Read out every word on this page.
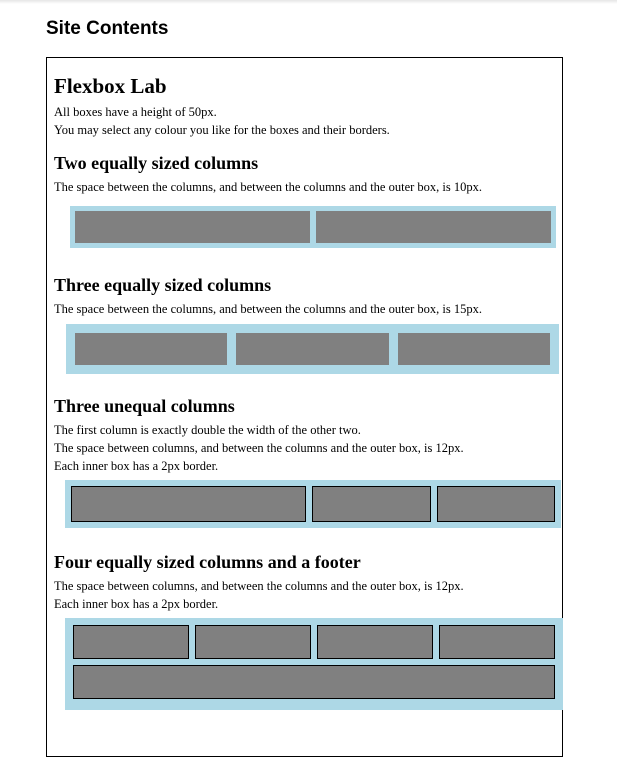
Site Contents
Flexbox Lab

All boxes have a height of 50px.

You may select any colour you like for the boxes and their borders.

Two equally sized columns

The space between the columns, and between the columns and the outer box, is 10px.

Three equally sized columns

The space between the columns, and between the columns and the outer box, is 15px.

Three unequal columns

The first column is exactly double the width of the other two.

The space between columns, and between the columns and the outer box, is 12px.

Each inner box has a 2px border.

Four equally sized columns and a footer

The space between columns, and between the columns and the outer box, is 12px.

Each inner box has a 2px border.
